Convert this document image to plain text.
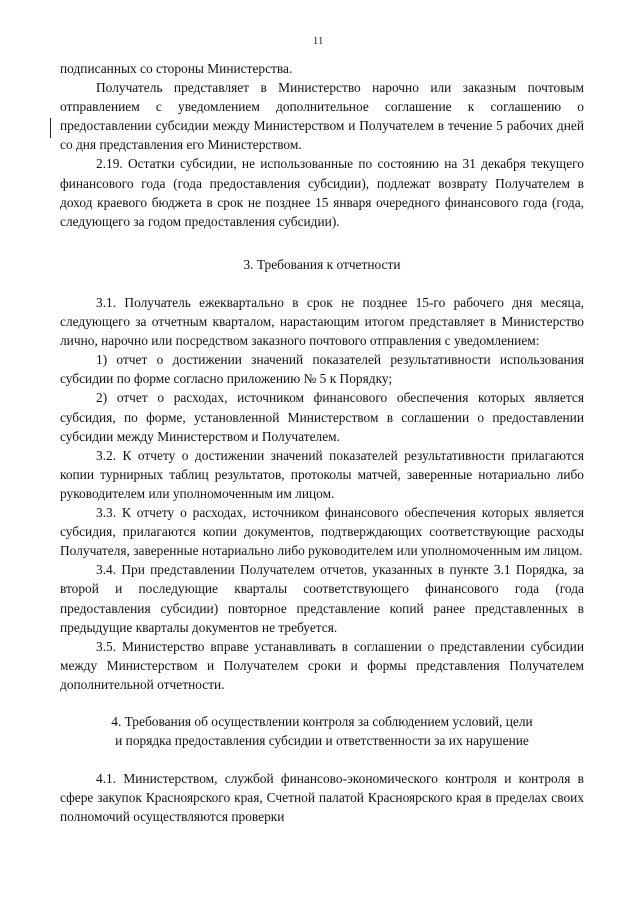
11

подписанных со стороны Министерства.

Получатель представляет в Министерство нарочно или заказным почтовым отправлением с уведомлением дополнительное соглашение к соглашению о предоставлении субсидии между Министерством и Получателем в течение 5 рабочих дней со дня представления его Министерством.

2.19. Остатки субсидии, не использованные по состоянию на 31 декабря текущего финансового года (года предоставления субсидии), подлежат возврату Получателем в доход краевого бюджета в срок не позднее 15 января очередного финансового года (года, следующего за годом предоставления субсидии).

3. Требования к отчетности

3.1. Получатель ежеквартально в срок не позднее 15-го рабочего дня месяца, следующего за отчетным кварталом, нарастающим итогом представляет в Министерство лично, нарочно или посредством заказного почтового отправления с уведомлением:

1) отчет о достижении значений показателей результативности использования субсидии по форме согласно приложению № 5 к Порядку;

2) отчет о расходах, источником финансового обеспечения которых является субсидия, по форме, установленной Министерством в соглашении о предоставлении субсидии между Министерством и Получателем.

3.2. К отчету о достижении значений показателей результативности прилагаются копии турнирных таблиц результатов, протоколы матчей, заверенные нотариально либо руководителем или уполномоченным им лицом.

3.3. К отчету о расходах, источником финансового обеспечения которых является субсидия, прилагаются копии документов, подтверждающих соответствующие расходы Получателя, заверенные нотариально либо руководителем или уполномоченным им лицом.

3.4. При представлении Получателем отчетов, указанных в пункте 3.1 Порядка, за второй и последующие кварталы соответствующего финансового года (года предоставления субсидии) повторное представление копий ранее представленных в предыдущие кварталы документов не требуется.

3.5. Министерство вправе устанавливать в соглашении о представлении субсидии между Министерством и Получателем сроки и формы представления Получателем дополнительной отчетности.

4. Требования об осуществлении контроля за соблюдением условий, цели

и порядка предоставления субсидии и ответственности за их нарушение

4.1. Министерством, службой финансово-экономического контроля и контроля в сфере закупок Красноярского края, Счетной палатой Красноярского края в пределах своих полномочий осуществляются проверки
